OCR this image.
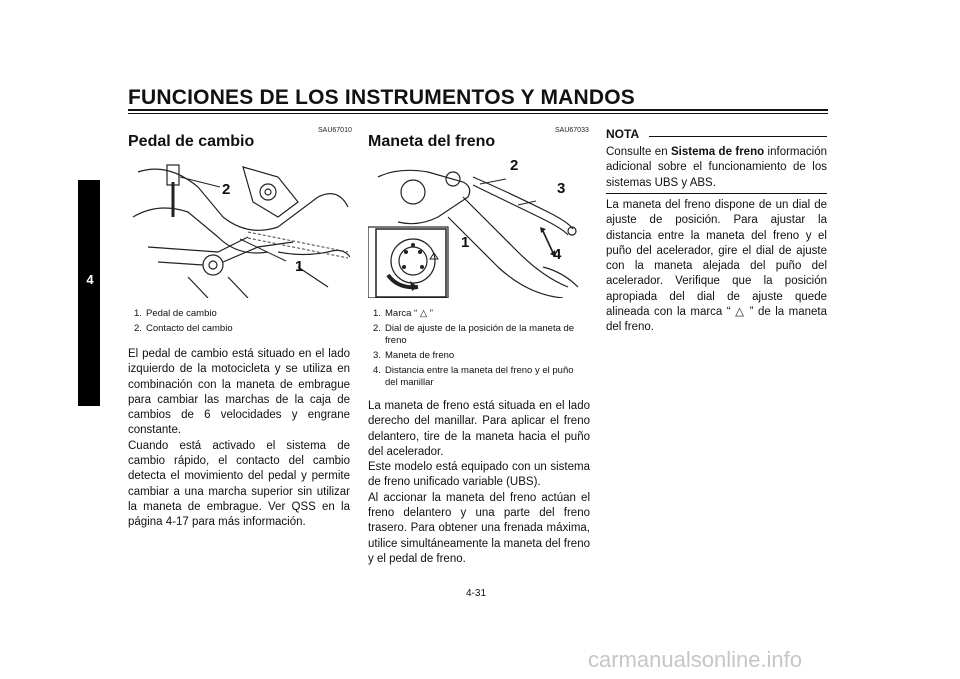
FUNCIONES DE LOS INSTRUMENTOS Y MANDOS
4
SAU67010
Pedal de cambio
2
1
1. Pedal de cambio
2. Contacto del cambio
El pedal de cambio está situado en el lado izquierdo de la motocicleta y se utiliza en combinación con la maneta de embrague para cambiar las marchas de la caja de cambios de 6 velocidades y engrane constante.
Cuando está activado el sistema de cambio rápido, el contacto del cambio detecta el movimiento del pedal y permite cambiar a una marcha superior sin utilizar la maneta de embrague. Ver QSS en la página 4-17 para más información.
SAU67033
Maneta del freno
2
3
1
4
1. Marca “ △ ”
2. Dial de ajuste de la posición de la maneta de freno
3. Maneta de freno
4. Distancia entre la maneta del freno y el puño del manillar
La maneta de freno está situada en el lado derecho del manillar. Para aplicar el freno delantero, tire de la maneta hacia el puño del acelerador.
Este modelo está equipado con un sistema de freno unificado variable (UBS).
Al accionar la maneta del freno actúan el freno delantero y una parte del freno trasero. Para obtener una frenada máxima, utilice simultáneamente la maneta del freno y el pedal de freno.
NOTA
Consulte en Sistema de freno información adicional sobre el funcionamiento de los sistemas UBS y ABS.
La maneta del freno dispone de un dial de ajuste de posición. Para ajustar la distancia entre la maneta del freno y el puño del acelerador, gire el dial de ajuste con la maneta alejada del puño del acelerador. Verifique que la posición apropiada del dial de ajuste quede alineada con la marca “ △ ” de la maneta del freno.
4-31
carmanualsonline.info
